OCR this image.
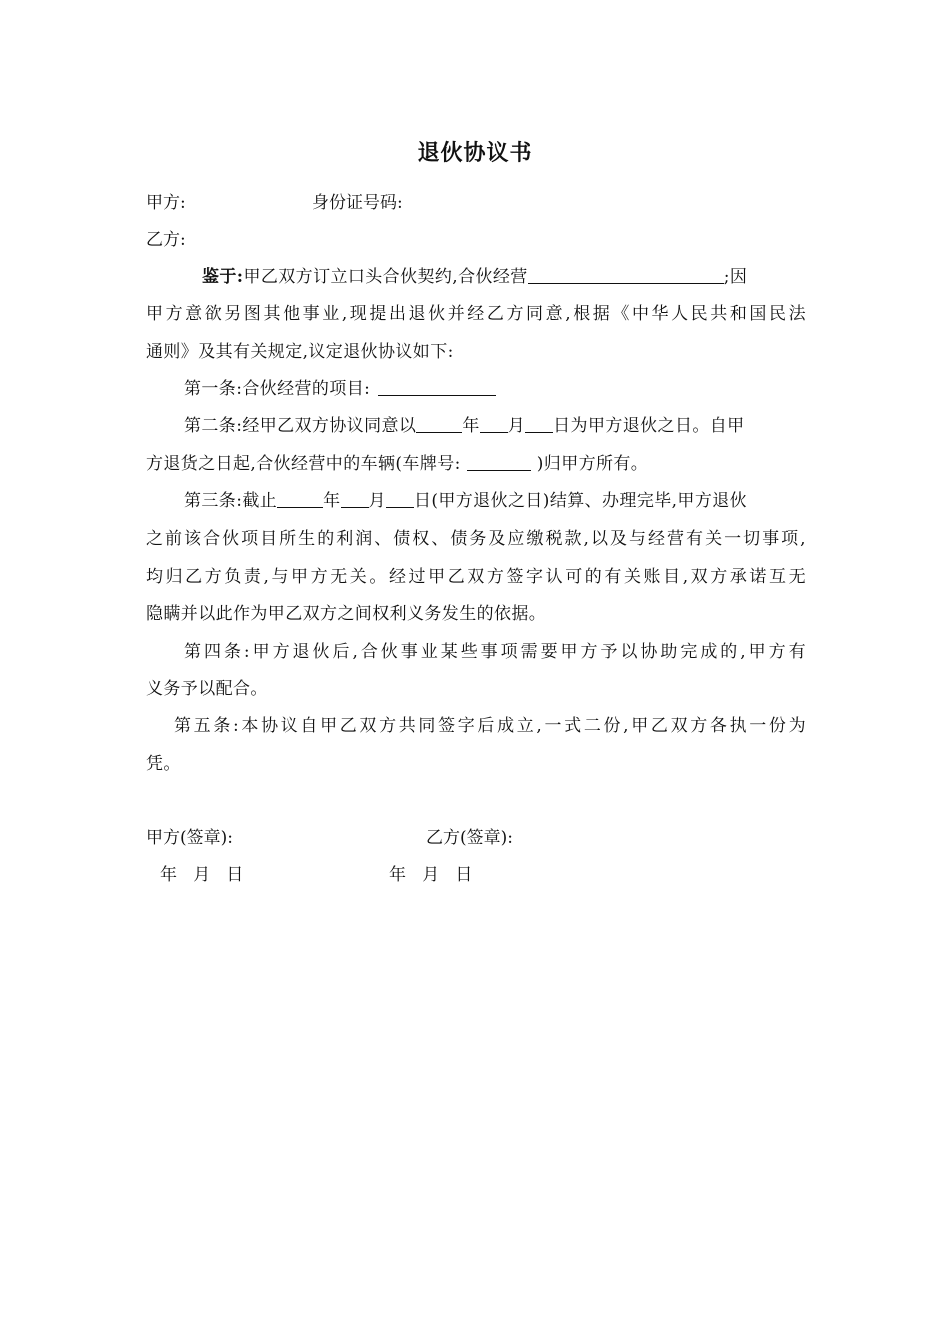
退伙协议书
甲方:	身份证号码:
乙方:
鉴于:甲乙双方订立口头合伙契约,合伙经营	;因
甲方意欲另图其他事业,现提出退伙并经乙方同意,根据《中华人民共和国民法
通则》及其有关规定,议定退伙协议如下:
第一条:合伙经营的项目:
第二条:经甲乙双方协议同意以	年 月 日为甲方退伙之日。自甲
方退货之日起,合伙经营中的车辆(车牌号:	)归甲方所有。
第三条:截止	年 月 日(甲方退伙之日)结算、办理完毕,甲方退伙
之前该合伙项目所生的利润、债权、债务及应缴税款,以及与经营有关一切事项,
均归乙方负责,与甲方无关。经过甲乙双方签字认可的有关账目,双方承诺互无
隐瞒并以此作为甲乙双方之间权利义务发生的依据。
第四条:甲方退伙后,合伙事业某些事项需要甲方予以协助完成的,甲方有
义务予以配合。
第五条:本协议自甲乙双方共同签字后成立,一式二份,甲乙双方各执一份为
凭。
甲方(签章):	乙方(签章):
年   月   日	年   月   日
